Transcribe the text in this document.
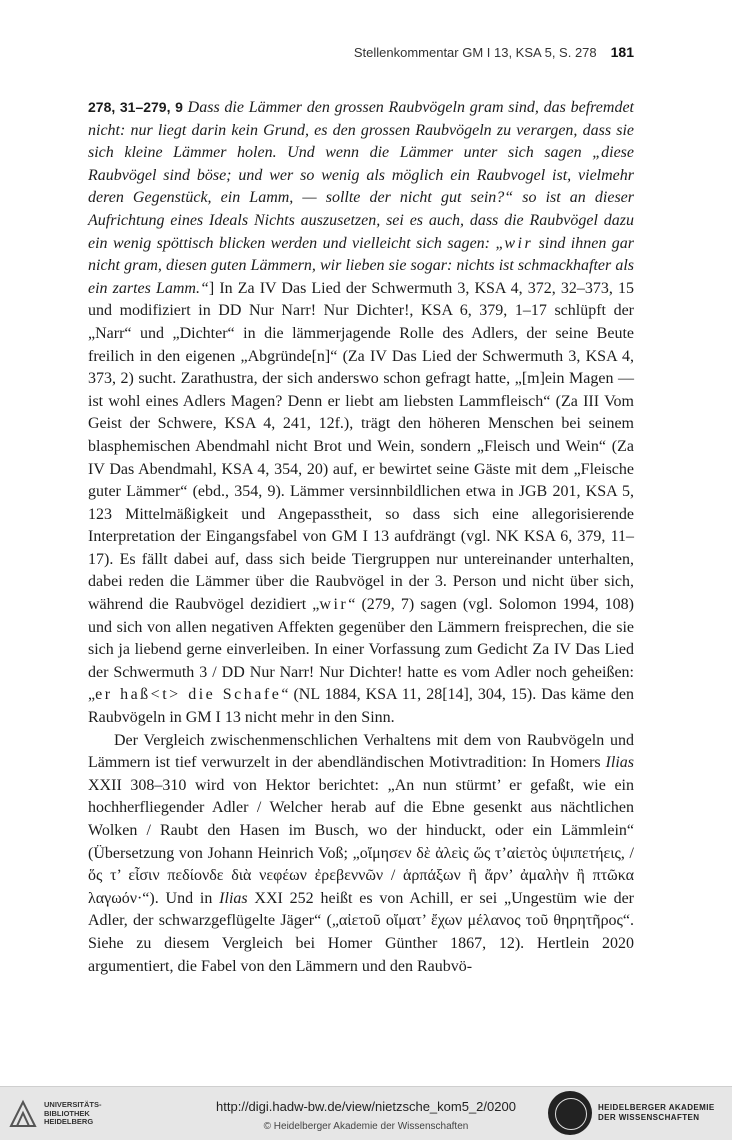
Stellenkommentar GM I 13, KSA 5, S. 278 181

278, 31–279, 9 Dass die Lämmer den grossen Raubvögeln gram sind, das befremdet nicht: nur liegt darin kein Grund, es den grossen Raubvögeln zu verargen, dass sie sich kleine Lämmer holen. Und wenn die Lämmer unter sich sagen „diese Raubvögel sind böse; und wer so wenig als möglich ein Raubvogel ist, vielmehr deren Gegenstück, ein Lamm, — sollte der nicht gut sein?“ so ist an dieser Aufrichtung eines Ideals Nichts auszusetzen, sei es auch, dass die Raubvögel dazu ein wenig spöttisch blicken werden und vielleicht sich sagen: „wir sind ihnen gar nicht gram, diesen guten Lämmern, wir lieben sie sogar: nichts ist schmackhafter als ein zartes Lamm.“] In Za IV Das Lied der Schwermuth 3, KSA 4, 372, 32–373, 15 und modifiziert in DD Nur Narr! Nur Dichter!, KSA 6, 379, 1–17 schlüpft der „Narr“ und „Dichter“ in die lämmerjagende Rolle des Adlers, der seine Beute freilich in den eigenen „Abgründe[n]“ (Za IV Das Lied der Schwermuth 3, KSA 4, 373, 2) sucht. Zarathustra, der sich anderswo schon gefragt hatte, „[m]ein Magen — ist wohl eines Adlers Magen? Denn er liebt am liebsten Lammfleisch“ (Za III Vom Geist der Schwere, KSA 4, 241, 12f.), trägt den höheren Menschen bei seinem blasphemischen Abendmahl nicht Brot und Wein, sondern „Fleisch und Wein“ (Za IV Das Abendmahl, KSA 4, 354, 20) auf, er bewirtet seine Gäste mit dem „Fleische guter Lämmer“ (ebd., 354, 9). Lämmer versinnbildlichen etwa in JGB 201, KSA 5, 123 Mittelmäßigkeit und Angepasstheit, so dass sich eine allegorisierende Interpretation der Eingangsfabel von GM I 13 aufdrängt (vgl. NK KSA 6, 379, 11–17). Es fällt dabei auf, dass sich beide Tiergruppen nur untereinander unterhalten, dabei reden die Lämmer über die Raubvögel in der 3. Person und nicht über sich, während die Raubvögel dezidiert „wir“ (279, 7) sagen (vgl. Solomon 1994, 108) und sich von allen negativen Affekten gegenüber den Lämmern freisprechen, die sie sich ja liebend gerne einverleiben. In einer Vorfassung zum Gedicht Za IV Das Lied der Schwermuth 3 / DD Nur Narr! Nur Dichter! hatte es vom Adler noch geheißen: „er haß<t> die Schafe“ (NL 1884, KSA 11, 28[14], 304, 15). Das käme den Raubvögeln in GM I 13 nicht mehr in den Sinn.

Der Vergleich zwischenmenschlichen Verhaltens mit dem von Raubvögeln und Lämmern ist tief verwurzelt in der abendländischen Motivtradition: In Homers Ilias XXII 308–310 wird von Hektor berichtet: „An nun stürmt’ er gefaßt, wie ein hochherfliegender Adler / Welcher herab auf die Ebne gesenkt aus nächtlichen Wolken / Raubt den Hasen im Busch, wo der hinduckt, oder ein Lämmlein“ (Übersetzung von Johann Heinrich Voß; „οἴμησεν δὲ ἀλεὶς ὥς τ’αἰετὸς ὑψιπετήεις, / ὅς τ’ εἶσιν πεδίονδε διὰ νεφέων ἐρεβεννῶν / ἁρπάξων ἢ ἄρν’ ἀμαλὴν ἢ πτῶκα λαγωόν·“). Und in Ilias XXI 252 heißt es von Achill, er sei „Ungestüm wie der Adler, der schwarzgeflügelte Jäger“ („αἰετοῦ οἴματ’ ἔχων μέλανος τοῦ θηρητῆρος“. Siehe zu diesem Vergleich bei Homer Günther 1867, 12). Hertlein 2020 argumentiert, die Fabel von den Lämmern und den Raubvö-

UNIVERSITÄTS-
BIBLIOTHEK
HEIDELBERG
http://digi.hadw-bw.de/view/nietzsche_kom5_2/0200
© Heidelberger Akademie der Wissenschaften
HEIDELBERGER AKADEMIE
DER WISSENSCHAFTEN
